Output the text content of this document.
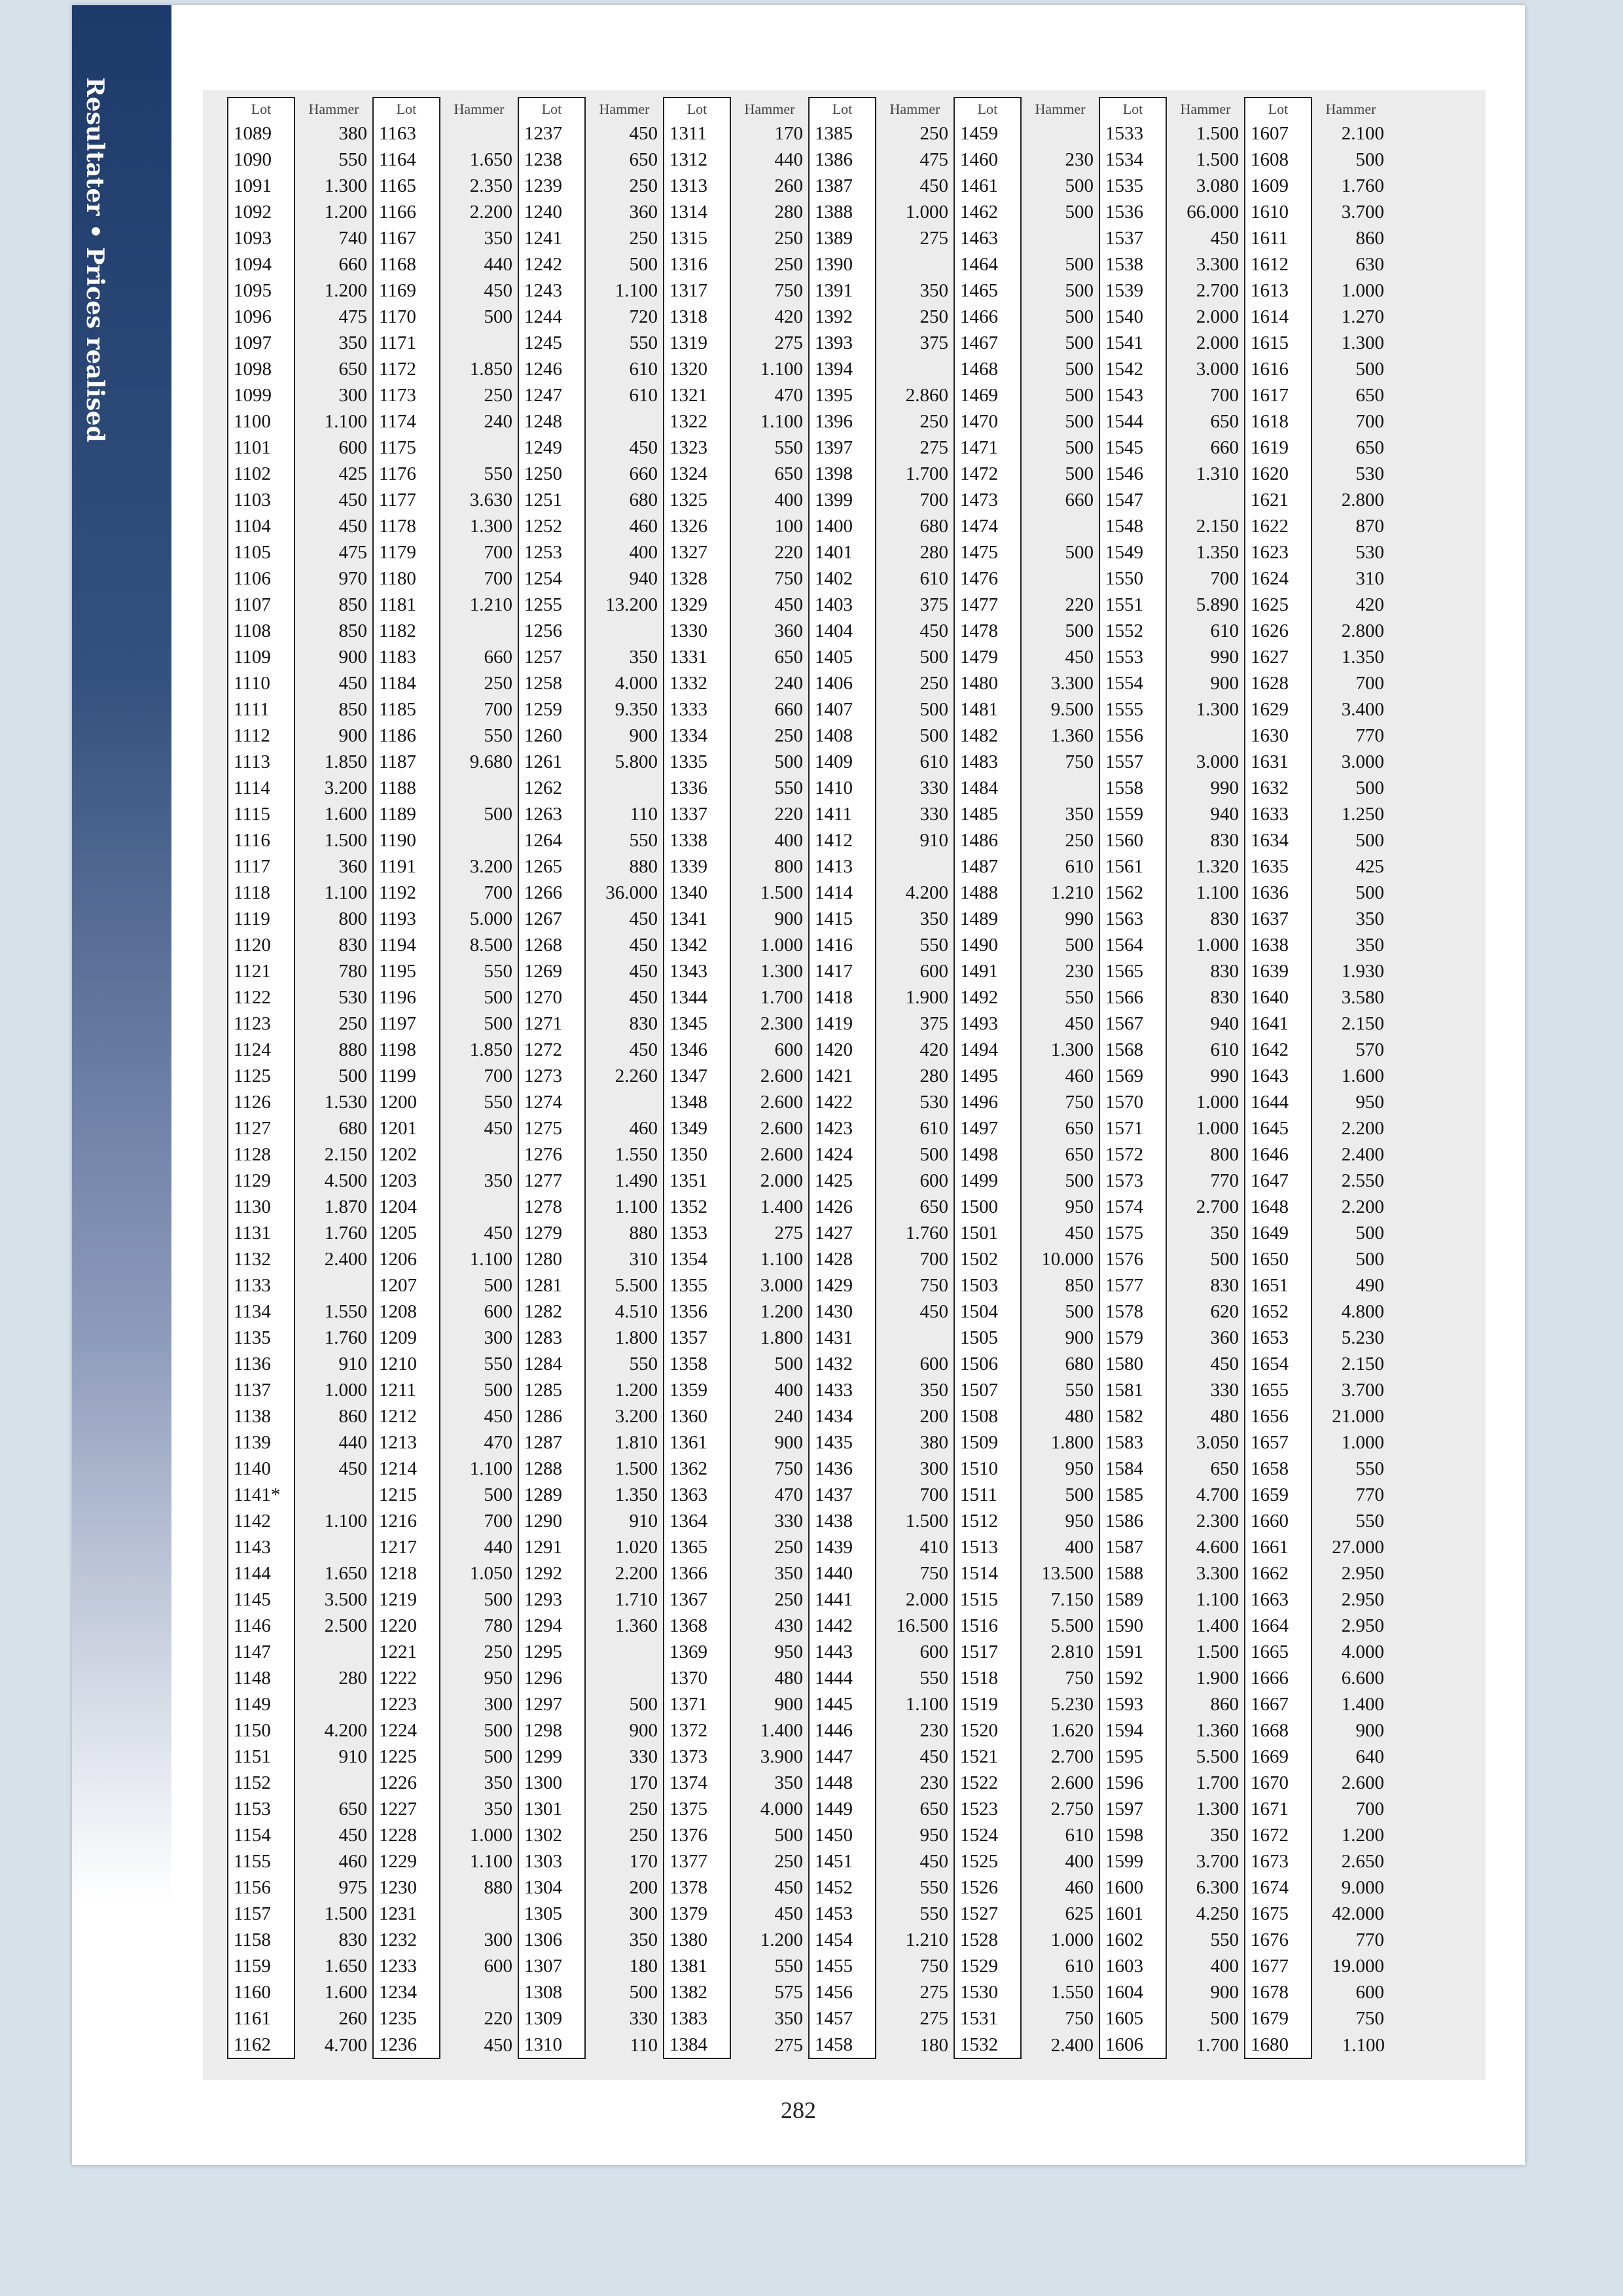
Resultater • Prices realised	Lot	Hammer	Lot	Hammer	Lot	Hammer	Lot	Hammer	Lot	Hammer	Lot	Hammer	Lot	Hammer	Lot	Hammer
1089	380	1163		1237	450	1311	170	1385	250	1459		1533	1.500	1607	2.100
1090	550	1164	1.650	1238	650	1312	440	1386	475	1460	230	1534	1.500	1608	500
1091	1.300	1165	2.350	1239	250	1313	260	1387	450	1461	500	1535	3.080	1609	1.760
1092	1.200	1166	2.200	1240	360	1314	280	1388	1.000	1462	500	1536	66.000	1610	3.700
1093	740	1167	350	1241	250	1315	250	1389	275	1463		1537	450	1611	860
1094	660	1168	440	1242	500	1316	250	1390		1464	500	1538	3.300	1612	630
1095	1.200	1169	450	1243	1.100	1317	750	1391	350	1465	500	1539	2.700	1613	1.000
1096	475	1170	500	1244	720	1318	420	1392	250	1466	500	1540	2.000	1614	1.270
1097	350	1171		1245	550	1319	275	1393	375	1467	500	1541	2.000	1615	1.300
1098	650	1172	1.850	1246	610	1320	1.100	1394		1468	500	1542	3.000	1616	500
1099	300	1173	250	1247	610	1321	470	1395	2.860	1469	500	1543	700	1617	650
1100	1.100	1174	240	1248		1322	1.100	1396	250	1470	500	1544	650	1618	700
1101	600	1175		1249	450	1323	550	1397	275	1471	500	1545	660	1619	650
1102	425	1176	550	1250	660	1324	650	1398	1.700	1472	500	1546	1.310	1620	530
1103	450	1177	3.630	1251	680	1325	400	1399	700	1473	660	1547		1621	2.800
1104	450	1178	1.300	1252	460	1326	100	1400	680	1474		1548	2.150	1622	870
1105	475	1179	700	1253	400	1327	220	1401	280	1475	500	1549	1.350	1623	530
1106	970	1180	700	1254	940	1328	750	1402	610	1476		1550	700	1624	310
1107	850	1181	1.210	1255	13.200	1329	450	1403	375	1477	220	1551	5.890	1625	420
1108	850	1182		1256		1330	360	1404	450	1478	500	1552	610	1626	2.800
1109	900	1183	660	1257	350	1331	650	1405	500	1479	450	1553	990	1627	1.350
1110	450	1184	250	1258	4.000	1332	240	1406	250	1480	3.300	1554	900	1628	700
1111	850	1185	700	1259	9.350	1333	660	1407	500	1481	9.500	1555	1.300	1629	3.400
1112	900	1186	550	1260	900	1334	250	1408	500	1482	1.360	1556		1630	770
1113	1.850	1187	9.680	1261	5.800	1335	500	1409	610	1483	750	1557	3.000	1631	3.000
1114	3.200	1188		1262		1336	550	1410	330	1484		1558	990	1632	500
1115	1.600	1189	500	1263	110	1337	220	1411	330	1485	350	1559	940	1633	1.250
1116	1.500	1190		1264	550	1338	400	1412	910	1486	250	1560	830	1634	500
1117	360	1191	3.200	1265	880	1339	800	1413		1487	610	1561	1.320	1635	425
1118	1.100	1192	700	1266	36.000	1340	1.500	1414	4.200	1488	1.210	1562	1.100	1636	500
1119	800	1193	5.000	1267	450	1341	900	1415	350	1489	990	1563	830	1637	350
1120	830	1194	8.500	1268	450	1342	1.000	1416	550	1490	500	1564	1.000	1638	350
1121	780	1195	550	1269	450	1343	1.300	1417	600	1491	230	1565	830	1639	1.930
1122	530	1196	500	1270	450	1344	1.700	1418	1.900	1492	550	1566	830	1640	3.580
1123	250	1197	500	1271	830	1345	2.300	1419	375	1493	450	1567	940	1641	2.150
1124	880	1198	1.850	1272	450	1346	600	1420	420	1494	1.300	1568	610	1642	570
1125	500	1199	700	1273	2.260	1347	2.600	1421	280	1495	460	1569	990	1643	1.600
1126	1.530	1200	550	1274		1348	2.600	1422	530	1496	750	1570	1.000	1644	950
1127	680	1201	450	1275	460	1349	2.600	1423	610	1497	650	1571	1.000	1645	2.200
1128	2.150	1202		1276	1.550	1350	2.600	1424	500	1498	650	1572	800	1646	2.400
1129	4.500	1203	350	1277	1.490	1351	2.000	1425	600	1499	500	1573	770	1647	2.550
1130	1.870	1204		1278	1.100	1352	1.400	1426	650	1500	950	1574	2.700	1648	2.200
1131	1.760	1205	450	1279	880	1353	275	1427	1.760	1501	450	1575	350	1649	500
1132	2.400	1206	1.100	1280	310	1354	1.100	1428	700	1502	10.000	1576	500	1650	500
1133		1207	500	1281	5.500	1355	3.000	1429	750	1503	850	1577	830	1651	490
1134	1.550	1208	600	1282	4.510	1356	1.200	1430	450	1504	500	1578	620	1652	4.800
1135	1.760	1209	300	1283	1.800	1357	1.800	1431		1505	900	1579	360	1653	5.230
1136	910	1210	550	1284	550	1358	500	1432	600	1506	680	1580	450	1654	2.150
1137	1.000	1211	500	1285	1.200	1359	400	1433	350	1507	550	1581	330	1655	3.700
1138	860	1212	450	1286	3.200	1360	240	1434	200	1508	480	1582	480	1656	21.000
1139	440	1213	470	1287	1.810	1361	900	1435	380	1509	1.800	1583	3.050	1657	1.000
1140	450	1214	1.100	1288	1.500	1362	750	1436	300	1510	950	1584	650	1658	550
1141*		1215	500	1289	1.350	1363	470	1437	700	1511	500	1585	4.700	1659	770
1142	1.100	1216	700	1290	910	1364	330	1438	1.500	1512	950	1586	2.300	1660	550
1143		1217	440	1291	1.020	1365	250	1439	410	1513	400	1587	4.600	1661	27.000
1144	1.650	1218	1.050	1292	2.200	1366	350	1440	750	1514	13.500	1588	3.300	1662	2.950
1145	3.500	1219	500	1293	1.710	1367	250	1441	2.000	1515	7.150	1589	1.100	1663	2.950
1146	2.500	1220	780	1294	1.360	1368	430	1442	16.500	1516	5.500	1590	1.400	1664	2.950
1147		1221	250	1295		1369	950	1443	600	1517	2.810	1591	1.500	1665	4.000
1148	280	1222	950	1296		1370	480	1444	550	1518	750	1592	1.900	1666	6.600
1149		1223	300	1297	500	1371	900	1445	1.100	1519	5.230	1593	860	1667	1.400
1150	4.200	1224	500	1298	900	1372	1.400	1446	230	1520	1.620	1594	1.360	1668	900
1151	910	1225	500	1299	330	1373	3.900	1447	450	1521	2.700	1595	5.500	1669	640
1152		1226	350	1300	170	1374	350	1448	230	1522	2.600	1596	1.700	1670	2.600
1153	650	1227	350	1301	250	1375	4.000	1449	650	1523	2.750	1597	1.300	1671	700
1154	450	1228	1.000	1302	250	1376	500	1450	950	1524	610	1598	350	1672	1.200
1155	460	1229	1.100	1303	170	1377	250	1451	450	1525	400	1599	3.700	1673	2.650
1156	975	1230	880	1304	200	1378	450	1452	550	1526	460	1600	6.300	1674	9.000
1157	1.500	1231		1305	300	1379	450	1453	550	1527	625	1601	4.250	1675	42.000
1158	830	1232	300	1306	350	1380	1.200	1454	1.210	1528	1.000	1602	550	1676	770
1159	1.650	1233	600	1307	180	1381	550	1455	750	1529	610	1603	400	1677	19.000
1160	1.600	1234		1308	500	1382	575	1456	275	1530	1.550	1604	900	1678	600
1161	260	1235	220	1309	330	1383	350	1457	275	1531	750	1605	500	1679	750
1162	4.700	1236	450	1310	110	1384	275	1458	180	1532	2.400	1606	1.700	1680	1.100
282
